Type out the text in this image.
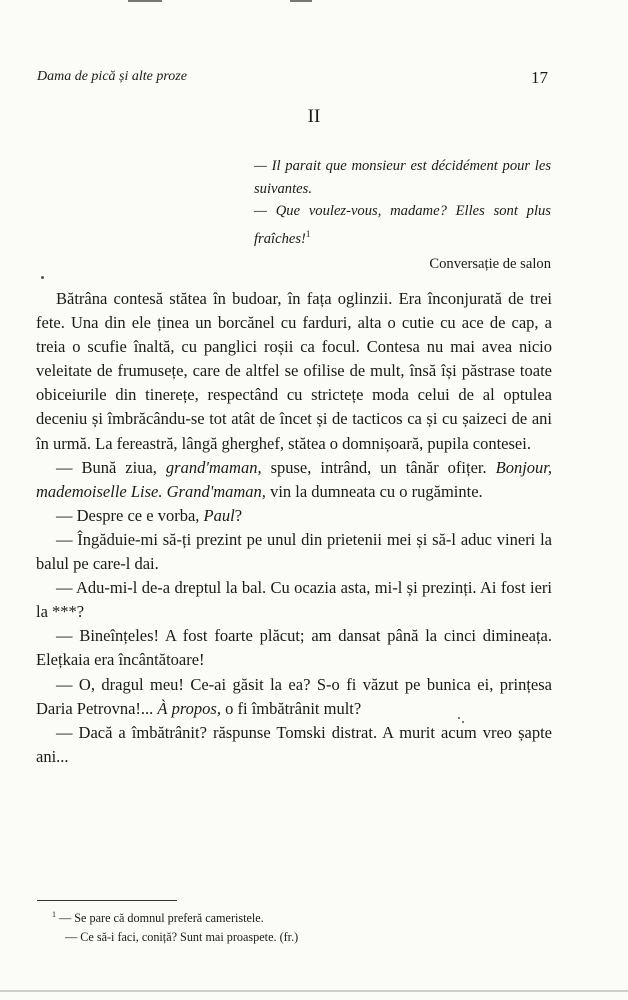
Dama de pică și alte proze	17
II
— Il parait que monsieur est décidément pour les suivantes.
— Que voulez-vous, madame? Elles sont plus fraîches!$^1$
Conversație de salon

Bătrâna contesă stătea în budoar, în fața oglinzii. Era înconjurată de trei fete. Una din ele ținea un borcănel cu farduri, alta o cutie cu ace de cap, a treia o scufie înaltă, cu panglici roșii ca focul. Contesa nu mai avea nicio veleitate de frumusețe, care de altfel se ofilise de mult, însă își păstrase toate obiceiurile din tinerețe, respectând cu strictețe moda celui de al optulea deceniu și îmbrăcându-se tot atât de încet și de tacticos ca și cu șaizeci de ani în urmă. La fereastră, lângă gherghef, stătea o domnișoară, pupila contesei.

— Bună ziua, grand'maman, spuse, intrând, un tânăr ofițer. Bonjour, mademoiselle Lise. Grand'maman, vin la dumneata cu o rugăminte.

— Despre ce e vorba, Paul?

— Îngăduie-mi să-ți prezint pe unul din prietenii mei și să-l aduc vineri la balul pe care-l dai.

— Adu-mi-l de-a dreptul la bal. Cu ocazia asta, mi-l și prezinți. Ai fost ieri la ***?

— Bineînțeles! A fost foarte plăcut; am dansat până la cinci dimineața. Elețkaia era încântătoare!

— O, dragul meu! Ce-ai găsit la ea? S-o fi văzut pe bunica ei, prințesa Daria Petrovna!... À propos, o fi îmbătrânit mult?

— Dacă a îmbătrânit? răspunse Tomski distrat. A murit acum vreo șapte ani...

$^1$ — Se pare că domnul preferă cameristele.
— Ce să-i faci, coniță? Sunt mai proaspete. (fr.)
